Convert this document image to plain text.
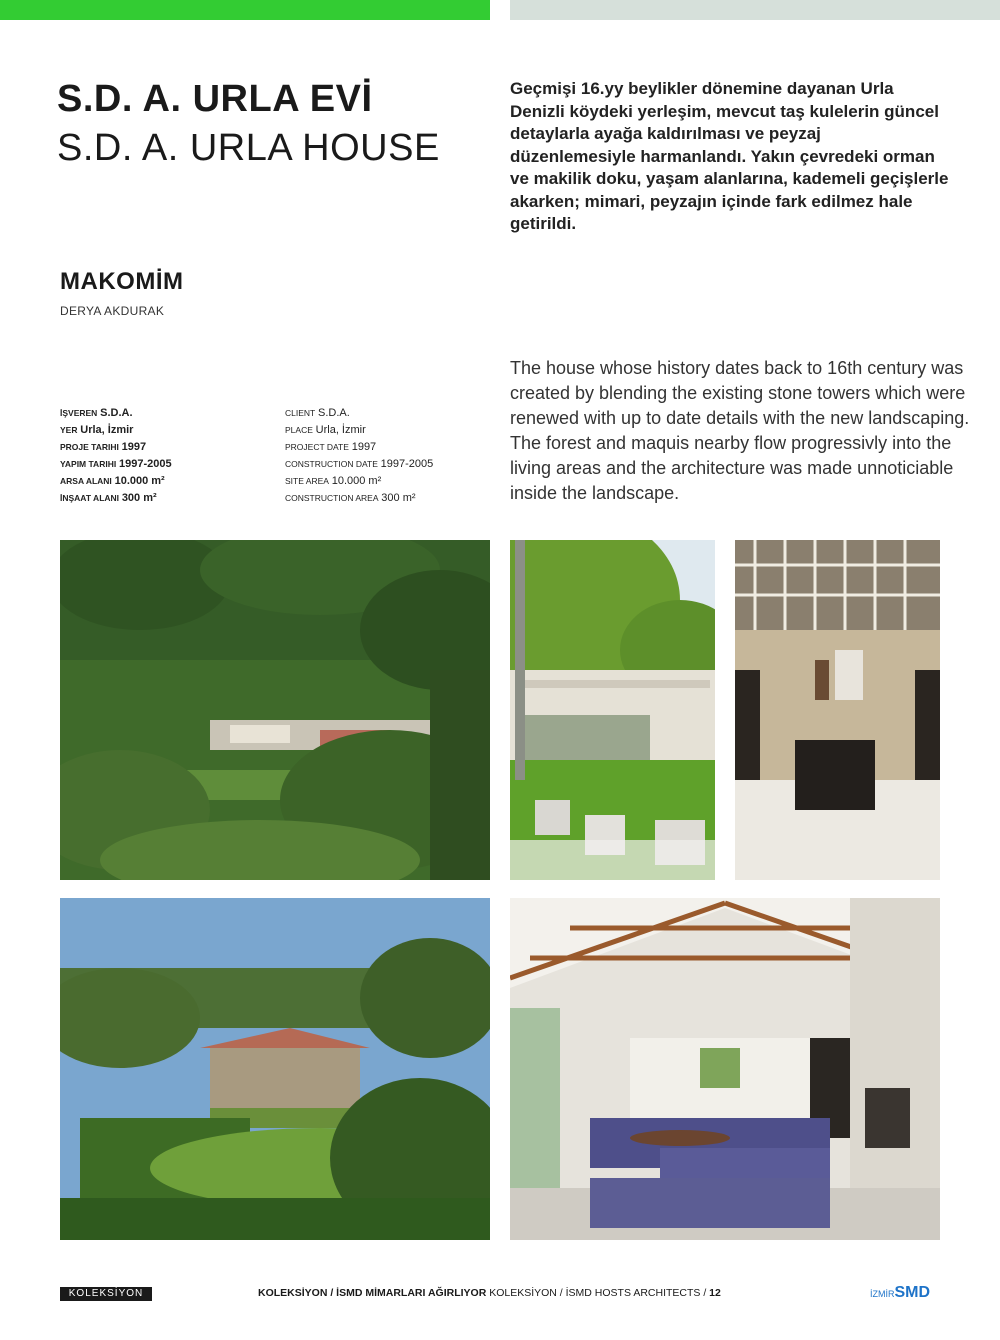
S.D. A. URLA EVİ
S.D. A. URLA HOUSE
Geçmişi 16.yy beylikler dönemine dayanan Urla Denizli köydeki yerleşim, mevcut taş kulelerin güncel detaylarla ayağa kaldırılması ve peyzaj düzenlemesiyle harmanlandı. Yakın çevredeki orman ve makilik doku, yaşam alanlarına, kademeli geçişlerle akarken; mimari, peyzajın içinde fark edilmez hale getirildi.
MAKOMİM
DERYA AKDURAK
The house whose history dates back to 16th century was created by blending the existing stone towers which were renewed with up to date details with the new landscaping. The forest and maquis nearby flow progressivly into the living areas and the architecture was made unnoticiable inside the landscape.
İŞVEREN S.D.A.
YER Urla, İzmir
PROJE TARIHI 1997
YAPIM TARIHI 1997-2005
ARSA ALANI 10.000 m²
İNŞAAT ALANI 300 m²
CLIENT S.D.A.
PLACE Urla, İzmir
PROJECT DATE 1997
CONSTRUCTION DATE 1997-2005
SITE AREA 10.000 m²
CONSTRUCTION AREA 300 m²
KOLEKSİYON	KOLEKSİYON / İSMD MİMARLARI AĞIRLIYOR KOLEKSİYON / İSMD HOSTS ARCHITECTS / 12	İZMİRSMD
